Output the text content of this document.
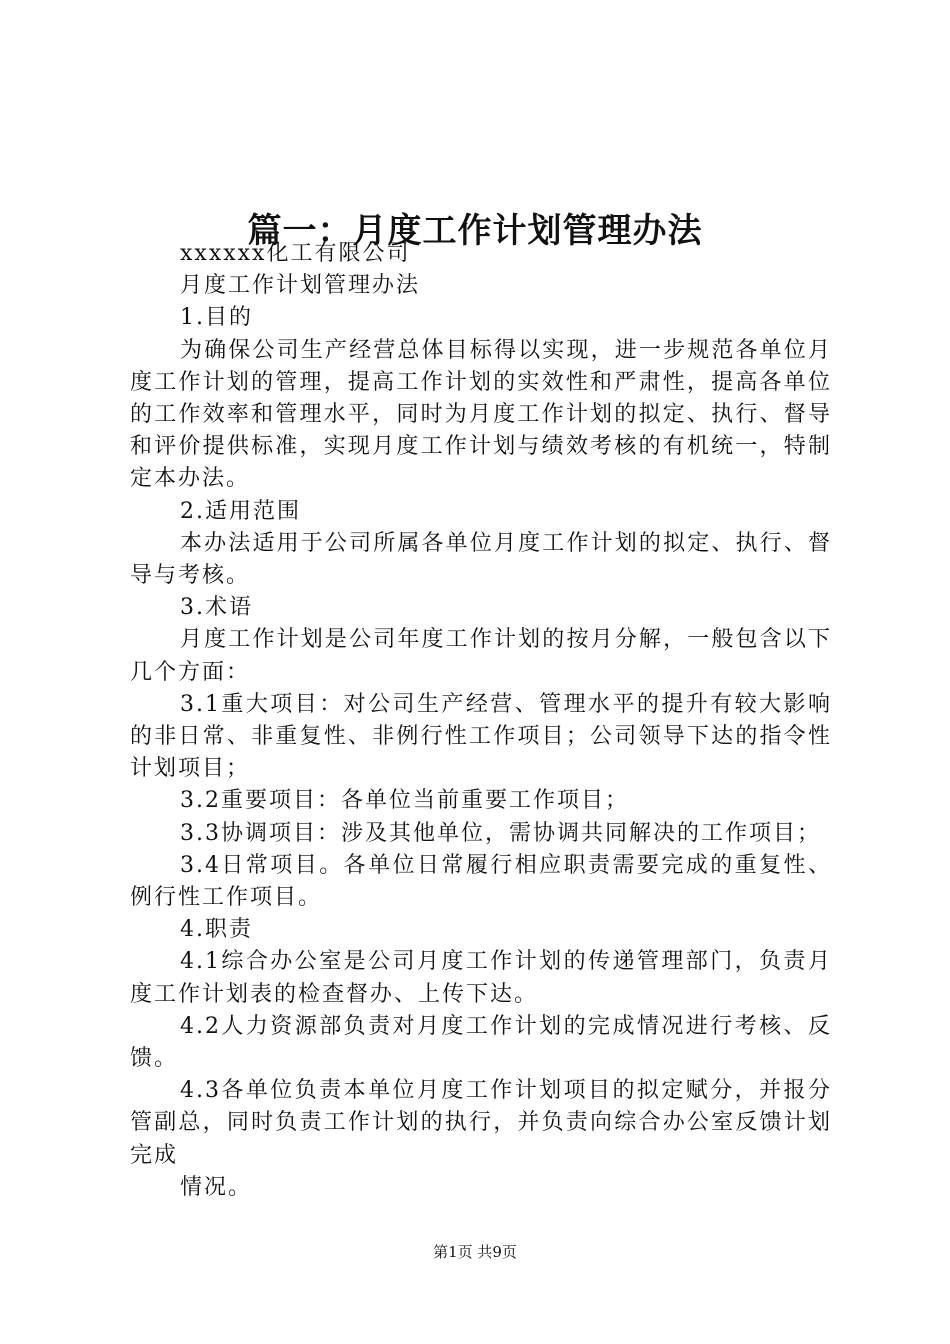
篇一：月度工作计划管理办法

xxxxxx化工有限公司

月度工作计划管理办法

1.目的

为确保公司生产经营总体目标得以实现，进一步规范各单位月度工作计划的管理，提高工作计划的实效性和严肃性，提高各单位的工作效率和管理水平，同时为月度工作计划的拟定、执行、督导和评价提供标准，实现月度工作计划与绩效考核的有机统一，特制定本办法。

2.适用范围

本办法适用于公司所属各单位月度工作计划的拟定、执行、督导与考核。

3.术语

月度工作计划是公司年度工作计划的按月分解，一般包含以下几个方面：

3.1重大项目：对公司生产经营、管理水平的提升有较大影响的非日常、非重复性、非例行性工作项目；公司领导下达的指令性计划项目；

3.2重要项目：各单位当前重要工作项目；

3.3协调项目：涉及其他单位，需协调共同解决的工作项目；

3.4日常项目。各单位日常履行相应职责需要完成的重复性、例行性工作项目。

4.职责

4.1综合办公室是公司月度工作计划的传递管理部门，负责月度工作计划表的检查督办、上传下达。

4.2人力资源部负责对月度工作计划的完成情况进行考核、反馈。

4.3各单位负责本单位月度工作计划项目的拟定赋分，并报分管副总，同时负责工作计划的执行，并负责向综合办公室反馈计划完成

情况。

第1页 共9页
